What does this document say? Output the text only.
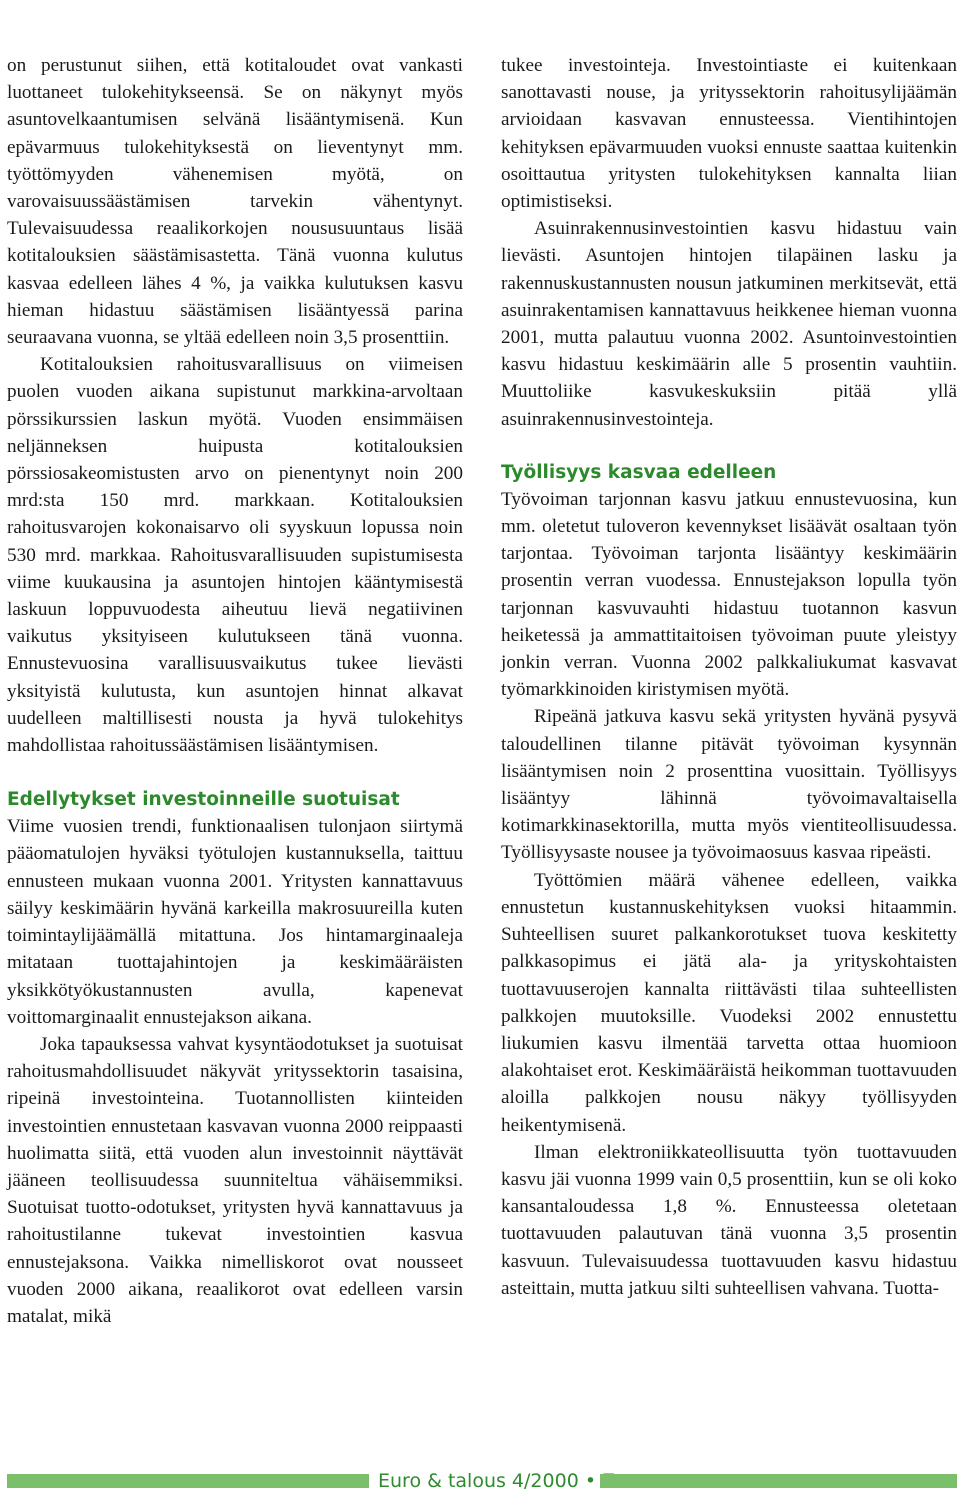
on perustunut siihen, että kotitaloudet ovat vankasti luottaneet tulokehitykseensä. Se on näkynyt myös asuntovelkaantumisen selvänä lisääntymisenä. Kun epävarmuus tulokehityksestä on lieventynyt mm. työttömyyden vähenemisen myötä, on varovaisuussäästämisen tarvekin vähentynyt. Tulevaisuudessa reaalikorkojen noususuuntaus lisää kotitalouksien säästämisastetta. Tänä vuonna kulutus kasvaa edelleen lähes 4 %, ja vaikka kulutuksen kasvu hieman hidastuu säästämisen lisääntyessä parina seuraavana vuonna, se yltää edelleen noin 3,5 prosenttiin.

Kotitalouksien rahoitusvarallisuus on viimeisen puolen vuoden aikana supistunut markkina-arvoltaan pörssikurssien laskun myötä. Vuoden ensimmäisen neljänneksen huipusta kotitalouksien pörssiosakeomistusten arvo on pienentynyt noin 200 mrd:sta 150 mrd. markkaan. Kotitalouksien rahoitusvarojen kokonaisarvo oli syyskuun lopussa noin 530 mrd. markkaa. Rahoitusvarallisuuden supistumisesta viime kuukausina ja asuntojen hintojen kääntymisestä laskuun loppuvuodesta aiheutuu lievä negatiivinen vaikutus yksityiseen kulutukseen tänä vuonna. Ennustevuosina varallisuusvaikutus tukee lievästi yksityistä kulutusta, kun asuntojen hinnat alkavat uudelleen maltillisesti nousta ja hyvä tulokehitys mahdollistaa rahoitussäästämisen lisääntymisen.

Edellytykset investoinneille suotuisat

Viime vuosien trendi, funktionaalisen tulonjaon siirtymä pääomatulojen hyväksi työtulojen kustannuksella, taittuu ennusteen mukaan vuonna 2001. Yritysten kannattavuus säilyy keskimäärin hyvänä karkeilla makrosuureilla kuten toimintaylijäämällä mitattuna. Jos hintamarginaaleja mitataan tuottajahintojen ja keskimääräisten yksikkötyökustannusten avulla, kapenevat voittomarginaalit ennustejakson aikana.

Joka tapauksessa vahvat kysyntäodotukset ja suotuisat rahoitusmahdollisuudet näkyvät yrityssektorin tasaisina, ripeinä investointeina. Tuotannollisten kiinteiden investointien ennustetaan kasvavan vuonna 2000 reippaasti huolimatta siitä, että vuoden alun investoinnit näyttävät jääneen teollisuudessa suunniteltua vähäisemmiksi. Suotuisat tuotto-odotukset, yritysten hyvä kannattavuus ja rahoitustilanne tukevat investointien kasvua ennustejaksona. Vaikka nimelliskorot ovat nousseet vuoden 2000 aikana, reaalikorot ovat edelleen varsin matalat, mikä

tukee investointeja. Investointiaste ei kuitenkaan sanottavasti nouse, ja yrityssektorin rahoitusylijäämän arvioidaan kasvavan ennusteessa. Vientihintojen kehityksen epävarmuuden vuoksi ennuste saattaa kuitenkin osoittautua yritysten tulokehityksen kannalta liian optimistiseksi.

Asuinrakennusinvestointien kasvu hidastuu vain lievästi. Asuntojen hintojen tilapäinen lasku ja rakennuskustannusten nousun jatkuminen merkitsevät, että asuinrakentamisen kannattavuus heikkenee hieman vuonna 2001, mutta palautuu vuonna 2002. Asuntoinvestointien kasvu hidastuu keskimäärin alle 5 prosentin vauhtiin. Muuttoliike kasvukeskuksiin pitää yllä asuinrakennusinvestointeja.

Työllisyys kasvaa edelleen

Työvoiman tarjonnan kasvu jatkuu ennustevuosina, kun mm. oletetut tuloveron kevennykset lisäävät osaltaan työn tarjontaa. Työvoiman tarjonta lisääntyy keskimäärin prosentin verran vuodessa. Ennustejakson lopulla työn tarjonnan kasvuvauhti hidastuu tuotannon kasvun heiketessä ja ammattitaitoisen työvoiman puute yleistyy jonkin verran. Vuonna 2002 palkkaliukumat kasvavat työmarkkinoiden kiristymisen myötä.

Ripeänä jatkuva kasvu sekä yritysten hyvänä pysyvä taloudellinen tilanne pitävät työvoiman kysynnän lisääntymisen noin 2 prosenttina vuosittain. Työllisyys lisääntyy lähinnä työvoimavaltaisella kotimarkkinasektorilla, mutta myös vientiteollisuudessa. Työllisyysaste nousee ja työvoimaosuus kasvaa ripeästi.

Työttömien määrä vähenee edelleen, vaikka ennustetun kustannuskehityksen vuoksi hitaammin. Suhteellisen suuret palkankorotukset tuova keskitetty palkkasopimus ei jätä ala- ja yrityskohtaisten tuottavuuserojen kannalta riittävästi tilaa suhteellisten palkkojen muutoksille. Vuodeksi 2002 ennustettu liukumien kasvu ilmentää tarvetta ottaa huomioon alakohtaiset erot. Keskimääräistä heikomman tuottavuuden aloilla palkkojen nousu näkyy työllisyyden heikentymisenä.

Ilman elektroniikkateollisuutta työn tuottavuuden kasvu jäi vuonna 1999 vain 0,5 prosenttiin, kun se oli koko kansantaloudessa 1,8 %. Ennusteessa oletetaan tuottavuuden palautuvan tänä vuonna 3,5 prosentin kasvuun. Tulevaisuudessa tuottavuuden kasvu hidastuu asteittain, mutta jatkuu silti suhteellisen vahvana. Tuotta-

Euro & talous 4/2000 •
